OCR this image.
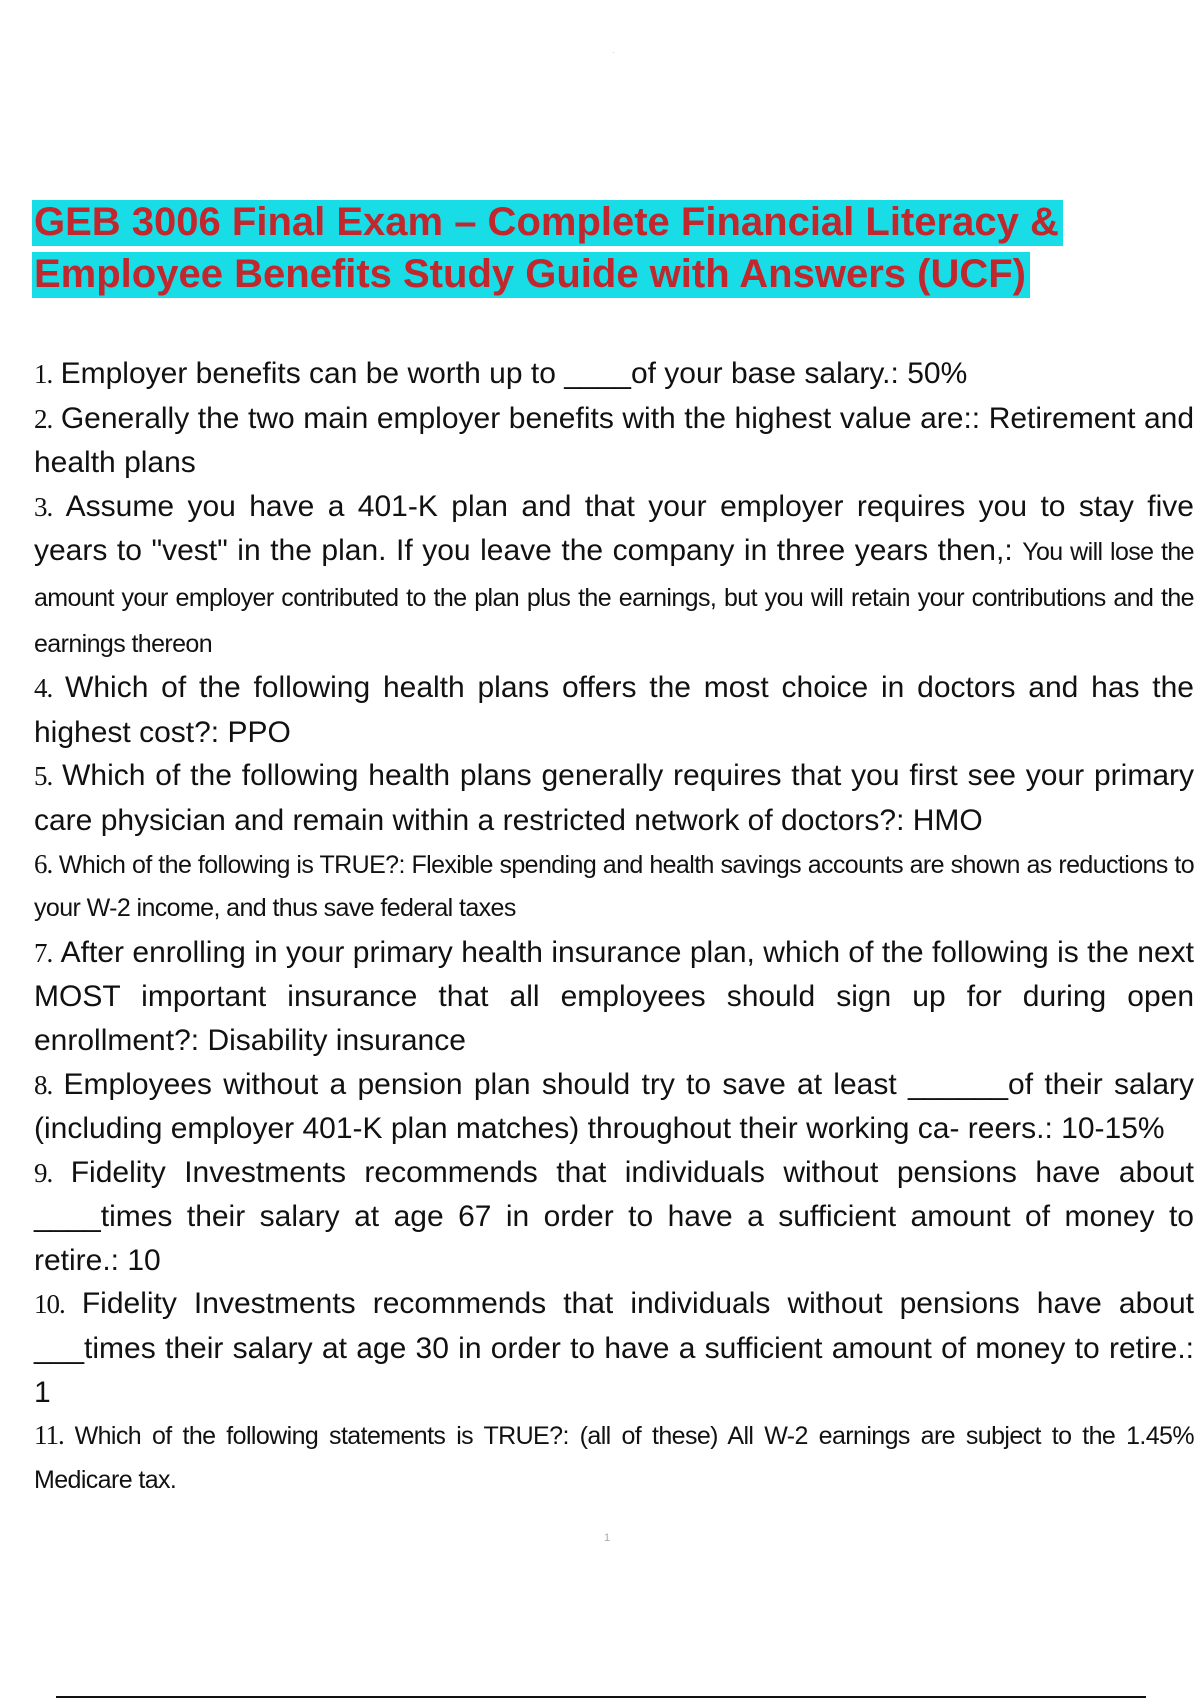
·
GEB 3006 Final Exam – Complete Financial Literacy &
Employee Benefits Study Guide with Answers (UCF)
1. Employer benefits can be worth up to ____of your base salary.: 50%
2. Generally the two main employer benefits with the highest value are:: Retirement and health plans
3. Assume you have a 401-K plan and that your employer requires you to stay five years to "vest" in the plan. If you leave the company in three years then,: You will lose the amount your employer contributed to the plan plus the earnings, but you will retain your contributions and the earnings thereon
4. Which of the following health plans offers the most choice in doctors and has the highest cost?: PPO
5. Which of the following health plans generally requires that you first see your primary care physician and remain within a restricted network of doctors?: HMO
6. Which of the following is TRUE?: Flexible spending and health savings accounts are shown as reductions to your W-2 income, and thus save federal taxes
7. After enrolling in your primary health insurance plan, which of the following is the next MOST important insurance that all employees should sign up for during open enrollment?: Disability insurance
8. Employees without a pension plan should try to save at least ______of their salary (including employer 401-K plan matches) throughout their working ca- reers.: 10-15%
9. Fidelity Investments recommends that individuals without pensions have about ____times their salary at age 67 in order to have a sufficient amount of money to retire.: 10
10. Fidelity Investments recommends that individuals without pensions have about ___times their salary at age 30 in order to have a sufficient amount of money to retire.: 1
11. Which of the following statements is TRUE?: (all of these) All W-2 earnings are subject to the 1.45% Medicare tax.
1
